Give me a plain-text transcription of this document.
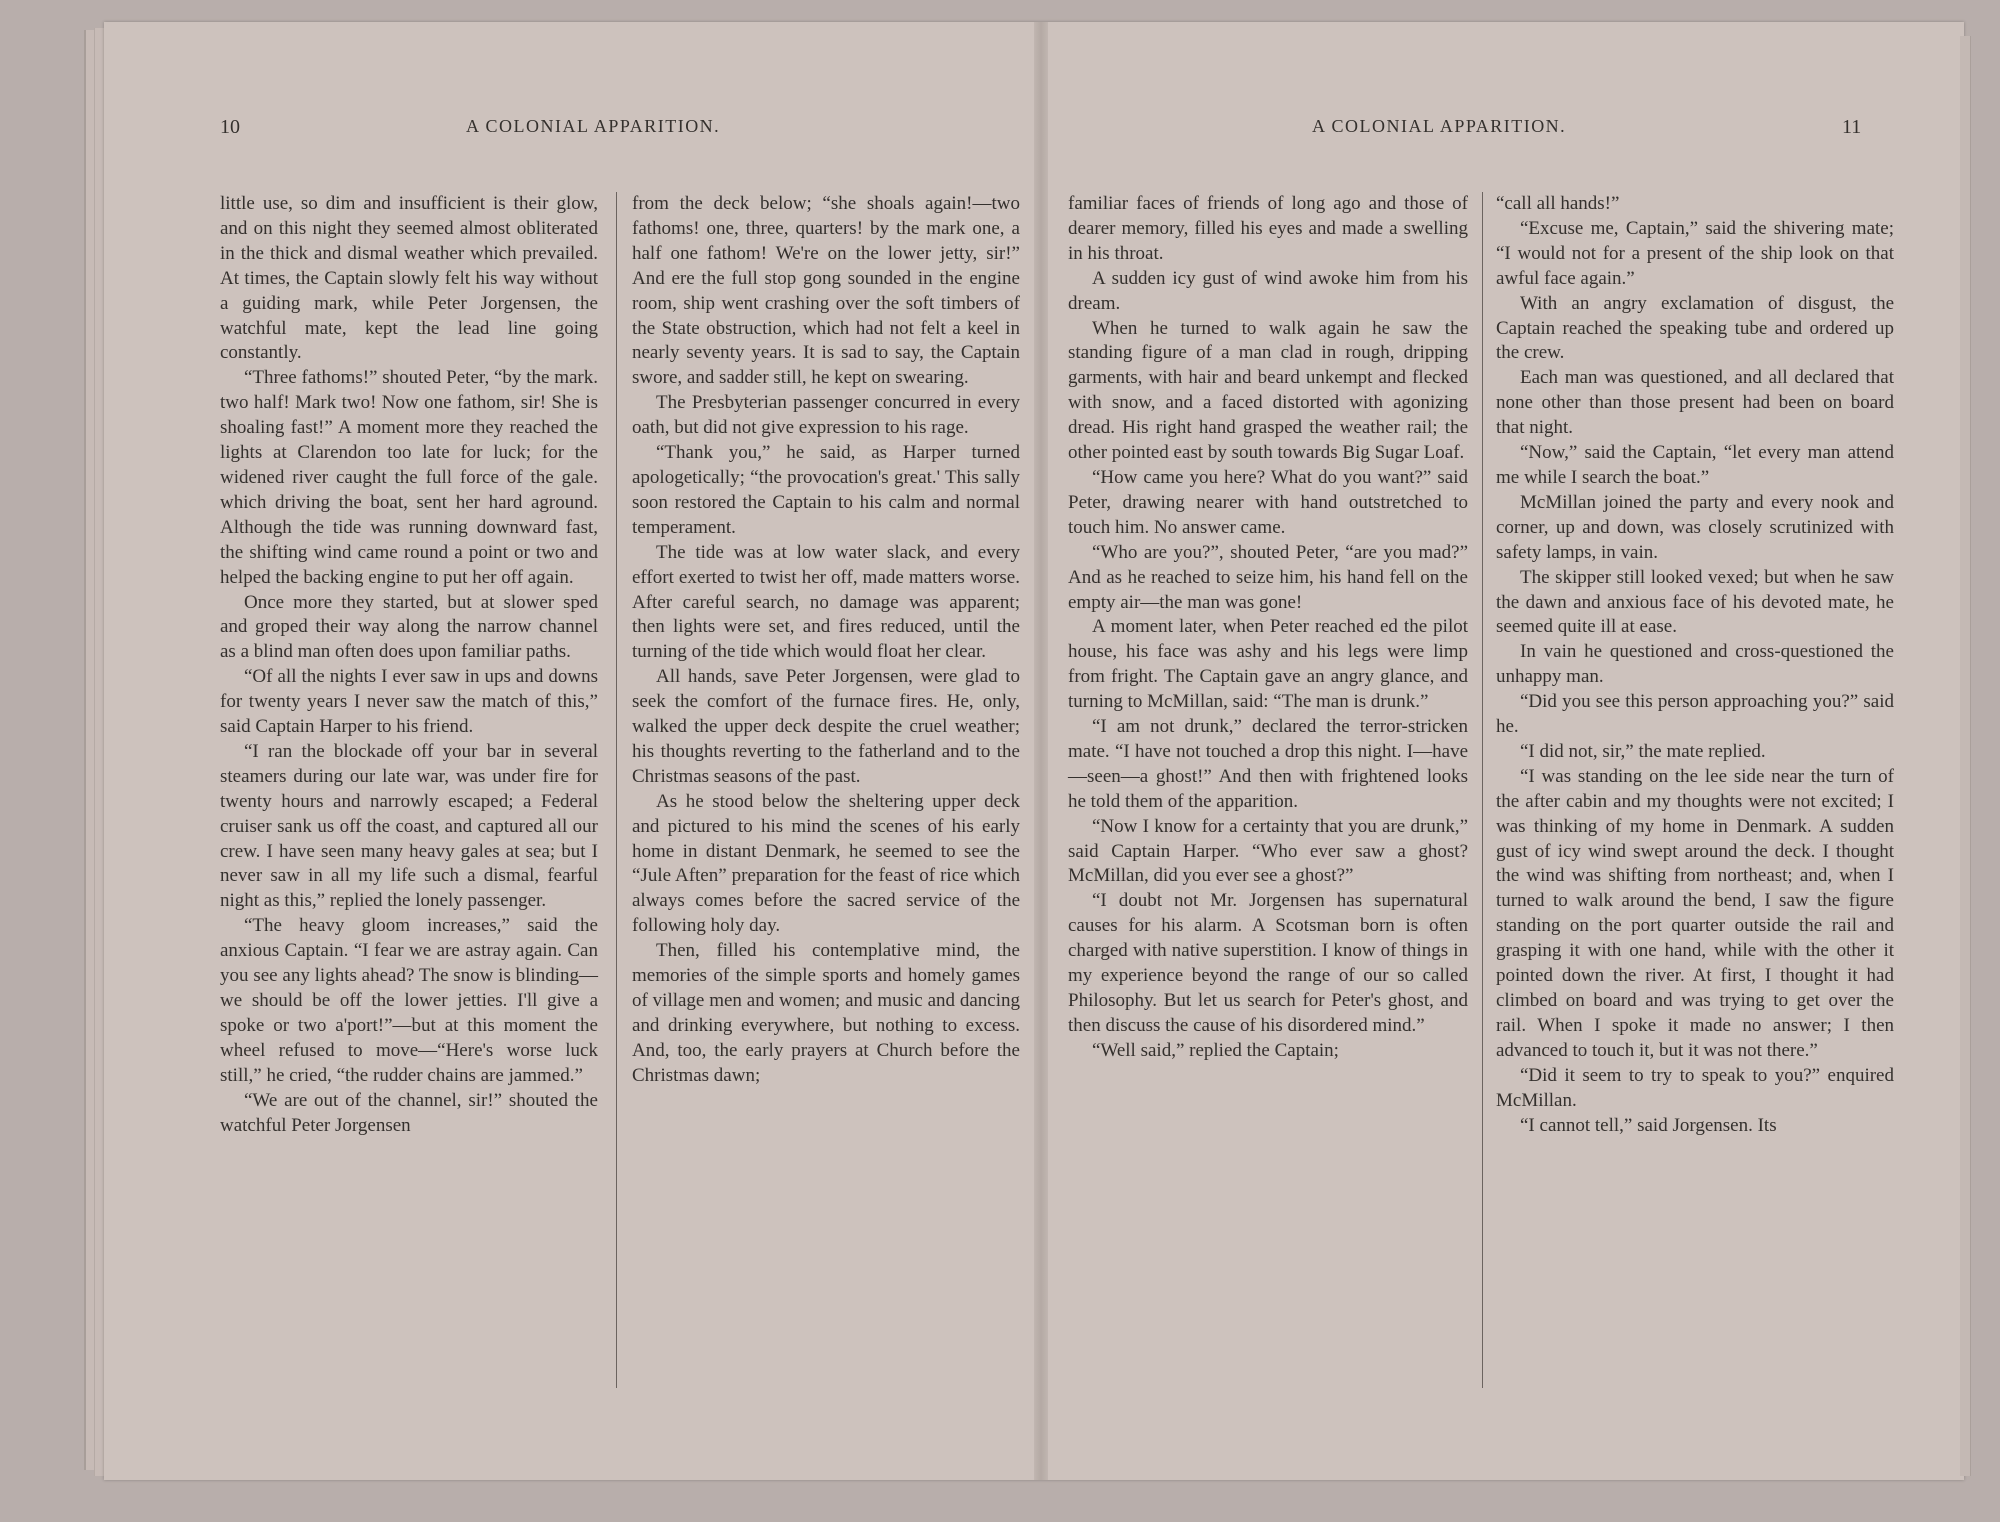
10	A COLONIAL APPARITION.

little use, so dim and insufficient is their glow, and on this night they seemed almost obliterated in the thick and dismal weather which prevailed. At times, the Captain slowly felt his way without a guiding mark, while Peter Jorgensen, the watchful mate, kept the lead line going constantly.

“Three fathoms!” shouted Peter, “by the mark. two half! Mark two! Now one fathom, sir! She is shoaling fast!” A moment more they reached the lights at Clarendon too late for luck; for the widened river caught the full force of the gale. which driving the boat, sent her hard aground. Although the tide was running downward fast, the shifting wind came round a point or two and helped the backing engine to put her off again.

Once more they started, but at slower sped and groped their way along the narrow channel as a blind man often does upon familiar paths.

“Of all the nights I ever saw in ups and downs for twenty years I never saw the match of this,” said Captain Harper to his friend.

“I ran the blockade off your bar in several steamers during our late war, was under fire for twenty hours and narrowly escaped; a Federal cruiser sank us off the coast, and captured all our crew. I have seen many heavy gales at sea; but I never saw in all my life such a dismal, fearful night as this,” replied the lonely passenger.

“The heavy gloom increases,” said the anxious Captain. “I fear we are astray again. Can you see any lights ahead? The snow is blinding—we should be off the lower jetties. I'll give a spoke or two a'port!”—but at this moment the wheel refused to move—“Here's worse luck still,” he cried, “the rudder chains are jammed.”

“We are out of the channel, sir!” shouted the watchful Peter Jorgensen

from the deck below; “she shoals again!—two fathoms! one, three, quarters! by the mark one, a half one fathom! We're on the lower jetty, sir!” And ere the full stop gong sounded in the engine room, ship went crashing over the soft timbers of the State obstruction, which had not felt a keel in nearly seventy years. It is sad to say, the Captain swore, and sadder still, he kept on swearing.

The Presbyterian passenger concurred in every oath, but did not give expression to his rage.

“Thank you,” he said, as Harper turned apologetically; “the provocation's great.' This sally soon restored the Captain to his calm and normal temperament.

The tide was at low water slack, and every effort exerted to twist her off, made matters worse. After careful search, no damage was apparent; then lights were set, and fires reduced, until the turning of the tide which would float her clear.

All hands, save Peter Jorgensen, were glad to seek the comfort of the furnace fires. He, only, walked the upper deck despite the cruel weather; his thoughts reverting to the fatherland and to the Christmas seasons of the past.

As he stood below the sheltering upper deck and pictured to his mind the scenes of his early home in distant Denmark, he seemed to see the “Jule Aften” preparation for the feast of rice which always comes before the sacred service of the following holy day.

Then, filled his contemplative mind, the memories of the simple sports and homely games of village men and women; and music and dancing and drinking everywhere, but nothing to excess. And, too, the early prayers at Church before the Christmas dawn;

A COLONIAL APPARITION.	11

familiar faces of friends of long ago and those of dearer memory, filled his eyes and made a swelling in his throat.

A sudden icy gust of wind awoke him from his dream.

When he turned to walk again he saw the standing figure of a man clad in rough, dripping garments, with hair and beard unkempt and flecked with snow, and a faced distorted with agonizing dread. His right hand grasped the weather rail; the other pointed east by south towards Big Sugar Loaf.

“How came you here? What do you want?” said Peter, drawing nearer with hand outstretched to touch him. No answer came.

“Who are you?”, shouted Peter, “are you mad?” And as he reached to seize him, his hand fell on the empty air—the man was gone!

A moment later, when Peter reached ed the pilot house, his face was ashy and his legs were limp from fright. The Captain gave an angry glance, and turning to McMillan, said: “The man is drunk.”

“I am not drunk,” declared the terror-stricken mate. “I have not touched a drop this night. I—have—seen—a ghost!” And then with frightened looks he told them of the apparition.

“Now I know for a certainty that you are drunk,” said Captain Harper. “Who ever saw a ghost? McMillan, did you ever see a ghost?”

“I doubt not Mr. Jorgensen has supernatural causes for his alarm. A Scotsman born is often charged with native superstition. I know of things in my experience beyond the range of our so called Philosophy. But let us search for Peter's ghost, and then discuss the cause of his disordered mind.”

“Well said,” replied the Captain;

“call all hands!”

“Excuse me, Captain,” said the shivering mate; “I would not for a present of the ship look on that awful face again.”

With an angry exclamation of disgust, the Captain reached the speaking tube and ordered up the crew.

Each man was questioned, and all declared that none other than those present had been on board that night.

“Now,” said the Captain, “let every man attend me while I search the boat.”

McMillan joined the party and every nook and corner, up and down, was closely scrutinized with safety lamps, in vain.

The skipper still looked vexed; but when he saw the dawn and anxious face of his devoted mate, he seemed quite ill at ease.

In vain he questioned and cross-questioned the unhappy man.

“Did you see this person approaching you?” said he.

“I did not, sir,” the mate replied.

“I was standing on the lee side near the turn of the after cabin and my thoughts were not excited; I was thinking of my home in Denmark. A sudden gust of icy wind swept around the deck. I thought the wind was shifting from northeast; and, when I turned to walk around the bend, I saw the figure standing on the port quarter outside the rail and grasping it with one hand, while with the other it pointed down the river. At first, I thought it had climbed on board and was trying to get over the rail. When I spoke it made no answer; I then advanced to touch it, but it was not there.”

“Did it seem to try to speak to you?” enquired McMillan.

“I cannot tell,” said Jorgensen. Its
